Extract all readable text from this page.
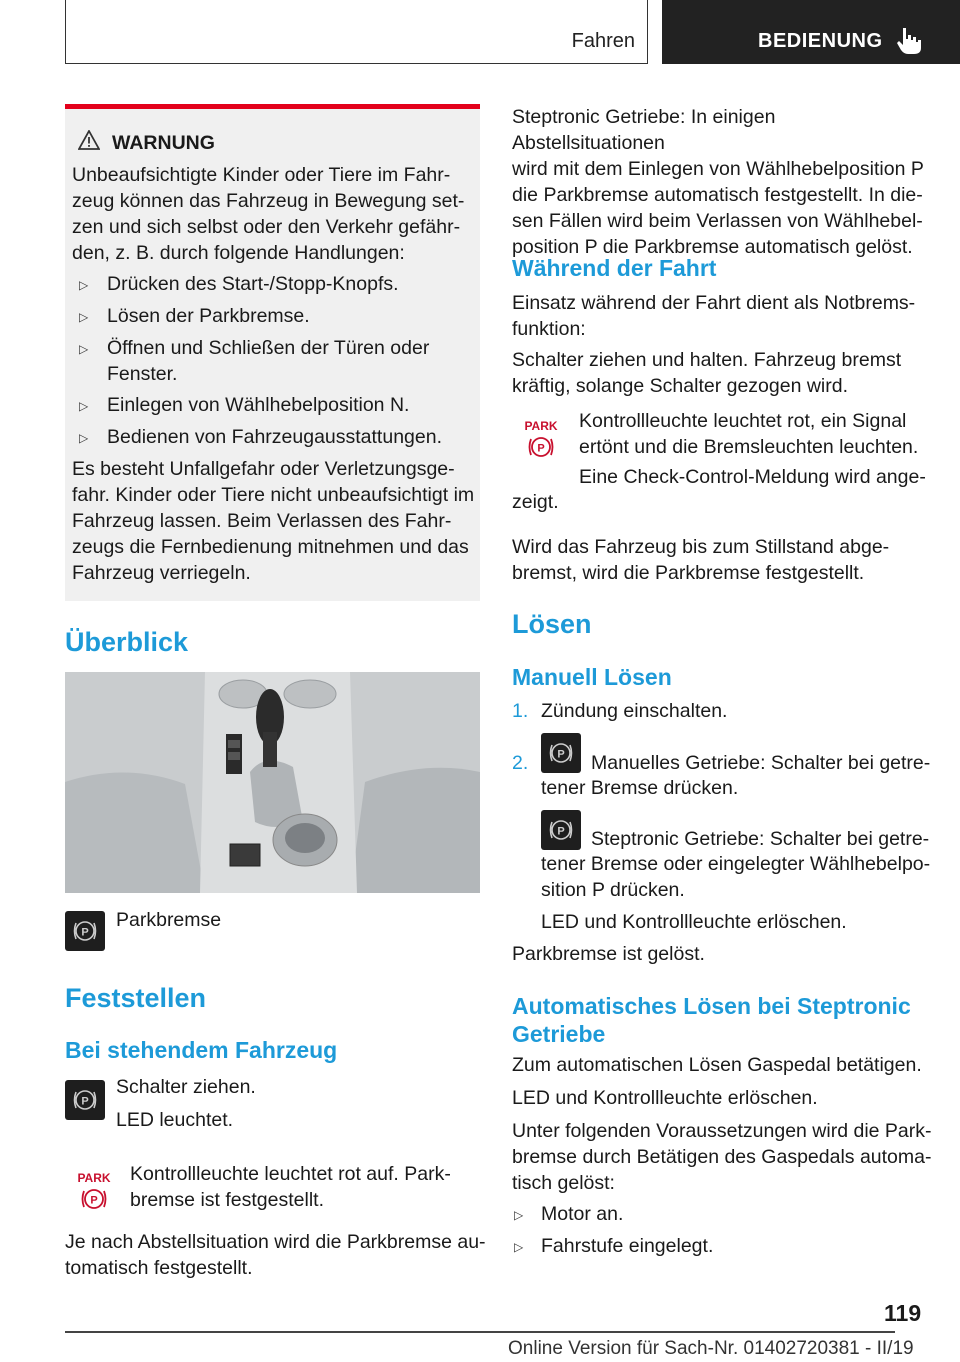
Fahren	BEDIENUNG
WARNUNG

Unbeaufsichtigte Kinder oder Tiere im Fahr-

zeug können das Fahrzeug in Bewegung set-

zen und sich selbst oder den Verkehr gefähr-

den, z. B. durch folgende Handlungen:

▷ Drücken des Start-/Stopp-Knopfs.
▷ Lösen der Parkbremse.
▷ Öffnen und Schließen der Türen oder
Fenster.
▷ Einlegen von Wählhebelposition N.
▷ Bedienen von Fahrzeugausstattungen.

Es besteht Unfallgefahr oder Verletzungsge-

fahr. Kinder oder Tiere nicht unbeaufsichtigt im

Fahrzeug lassen. Beim Verlassen des Fahr-

zeugs die Fernbedienung mitnehmen und das

Fahrzeug verriegeln.

Überblick
P
Parkbremse
Feststellen
Bei stehendem Fahrzeug
P
Schalter ziehen.
LED leuchtet.
PARK
P
Kontrollleuchte leuchtet rot auf. Park-
bremse ist festgestellt.
Je nach Abstellsituation wird die Parkbremse au-
tomatisch festgestellt.

Steptronic Getriebe: In einigen Abstellsituationen

wird mit dem Einlegen von Wählhebelposition P

die Parkbremse automatisch festgestellt. In die-

sen Fällen wird beim Verlassen von Wählhebel-

position P die Parkbremse automatisch gelöst.

Während der Fahrt

Einsatz während der Fahrt dient als Notbrems-

funktion:

Schalter ziehen und halten. Fahrzeug bremst

kräftig, solange Schalter gezogen wird.

PARK
P
Kontrollleuchte leuchtet rot, ein Signal
ertönt und die Bremsleuchten leuchten.
Eine Check-Control-Meldung wird ange-
zeigt.

Wird das Fahrzeug bis zum Stillstand abge-

bremst, wird die Parkbremse festgestellt.

Lösen
Manuell Lösen
1. Zündung einschalten.
2.	P Manuelles Getriebe: Schalter bei getre-
tener Bremse drücken.
P Steptronic Getriebe: Schalter bei getre-
tener Bremse oder eingelegter Wählhebelpo-
sition P drücken.
LED und Kontrollleuchte erlöschen.
Parkbremse ist gelöst.
Automatisches Lösen bei Steptronic
Getriebe
Zum automatischen Lösen Gaspedal betätigen.
LED und Kontrollleuchte erlöschen.

Unter folgenden Voraussetzungen wird die Park-

bremse durch Betätigen des Gaspedals automa-

tisch gelöst:

▷ Motor an.
▷ Fahrstufe eingelegt.
119
Online Version für Sach-Nr. 01402720381 - II/19
